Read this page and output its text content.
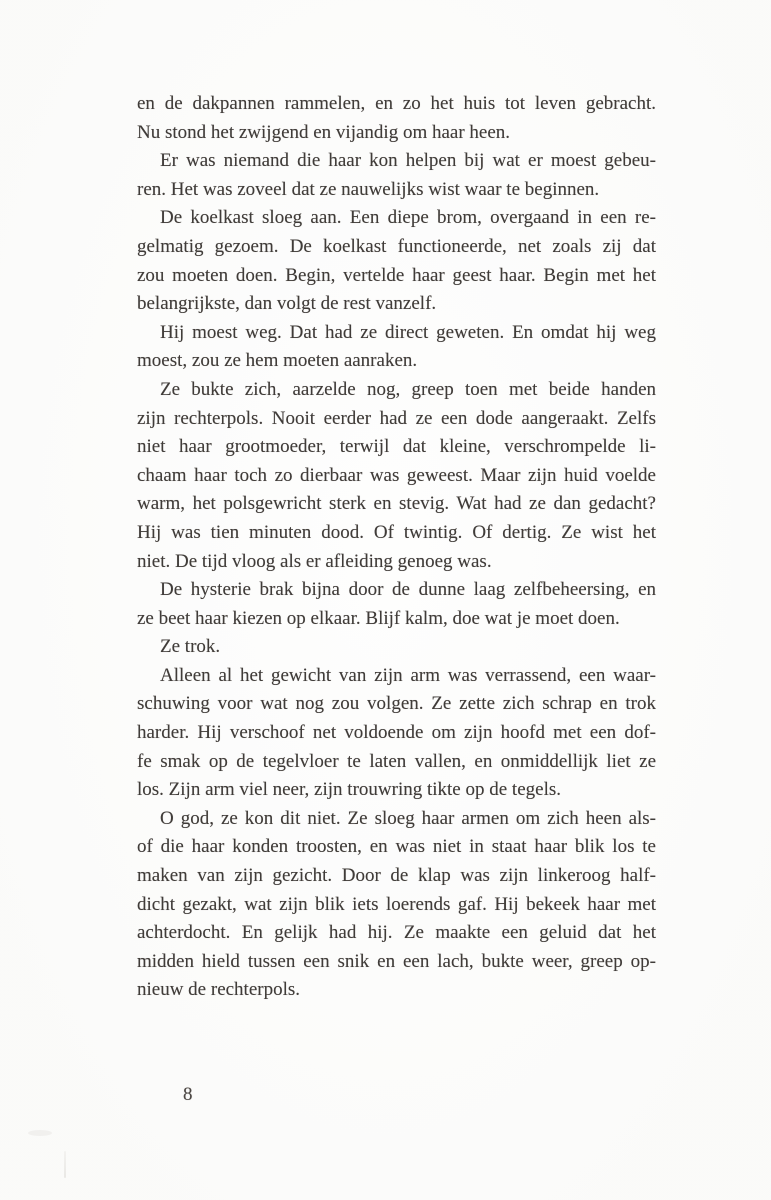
en de dakpannen rammelen, en zo het huis tot leven gebracht.
Nu stond het zwijgend en vijandig om haar heen.
Er was niemand die haar kon helpen bij wat er moest gebeu-
ren. Het was zoveel dat ze nauwelijks wist waar te beginnen.
De koelkast sloeg aan. Een diepe brom, overgaand in een re-
gelmatig gezoem. De koelkast functioneerde, net zoals zij dat
zou moeten doen. Begin, vertelde haar geest haar. Begin met het
belangrijkste, dan volgt de rest vanzelf.
Hij moest weg. Dat had ze direct geweten. En omdat hij weg
moest, zou ze hem moeten aanraken.
Ze bukte zich, aarzelde nog, greep toen met beide handen
zijn rechterpols. Nooit eerder had ze een dode aangeraakt. Zelfs
niet haar grootmoeder, terwijl dat kleine, verschrompelde li-
chaam haar toch zo dierbaar was geweest. Maar zijn huid voelde
warm, het polsgewricht sterk en stevig. Wat had ze dan gedacht?
Hij was tien minuten dood. Of twintig. Of dertig. Ze wist het
niet. De tijd vloog als er afleiding genoeg was.
De hysterie brak bijna door de dunne laag zelfbeheersing, en
ze beet haar kiezen op elkaar. Blijf kalm, doe wat je moet doen.
Ze trok.
Alleen al het gewicht van zijn arm was verrassend, een waar-
schuwing voor wat nog zou volgen. Ze zette zich schrap en trok
harder. Hij verschoof net voldoende om zijn hoofd met een dof-
fe smak op de tegelvloer te laten vallen, en onmiddellijk liet ze
los. Zijn arm viel neer, zijn trouwring tikte op de tegels.
O god, ze kon dit niet. Ze sloeg haar armen om zich heen als-
of die haar konden troosten, en was niet in staat haar blik los te
maken van zijn gezicht. Door de klap was zijn linkeroog half-
dicht gezakt, wat zijn blik iets loerends gaf. Hij bekeek haar met
achterdocht. En gelijk had hij. Ze maakte een geluid dat het
midden hield tussen een snik en een lach, bukte weer, greep op-
nieuw de rechterpols.
8
